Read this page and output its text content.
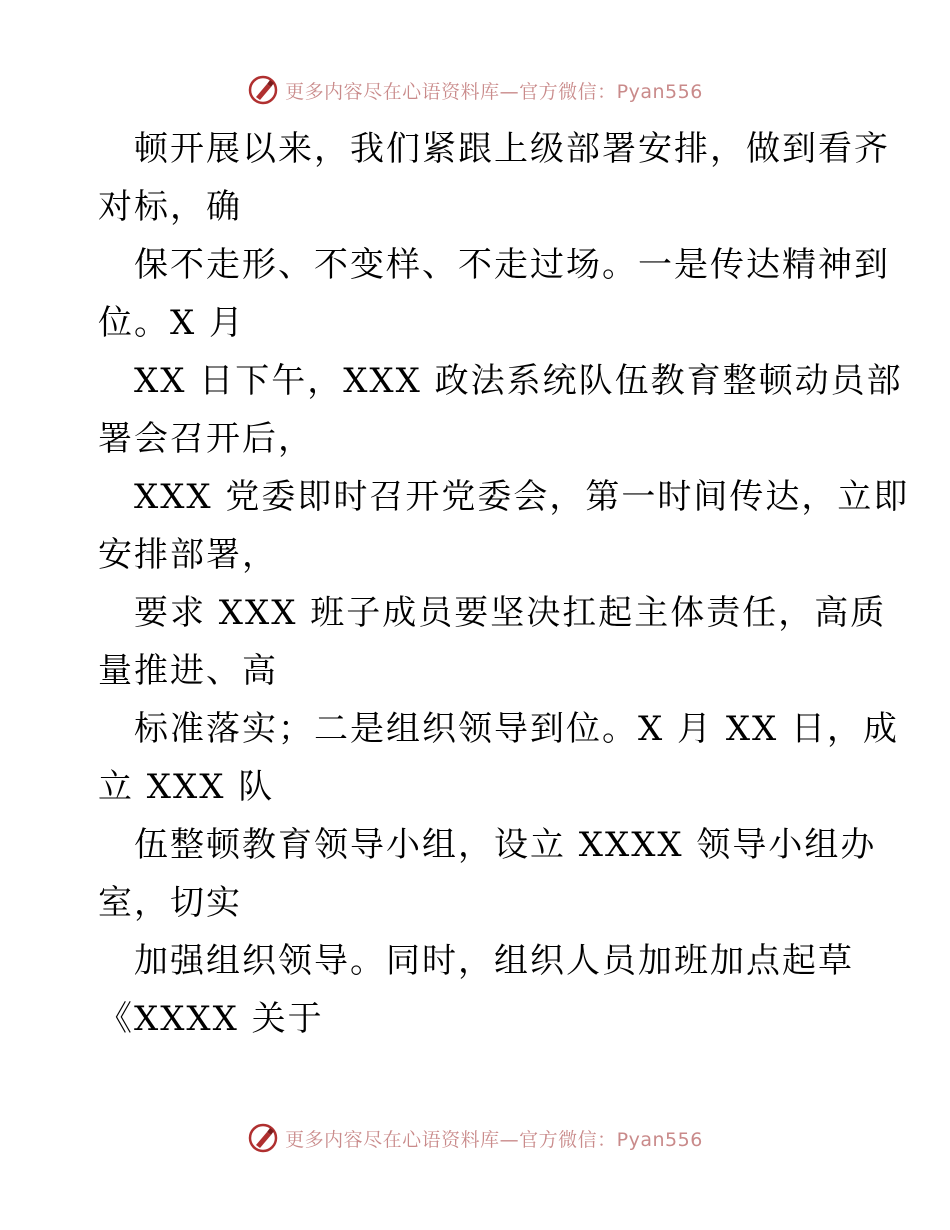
更多内容尽在心语资料库—官方微信：Pyan556

顿开展以来，我们紧跟上级部署安排，做到看齐

对标，确

保不走形、不变样、不走过场。一是传达精神到

位。X 月

XX 日下午，XXX 政法系统队伍教育整顿动员部

署会召开后，

XXX 党委即时召开党委会，第一时间传达，立即

安排部署，

要求 XXX 班子成员要坚决扛起主体责任，高质

量推进、高

标准落实；二是组织领导到位。X 月 XX 日，成

立 XXX 队

伍整顿教育领导小组，设立 XXXX 领导小组办

室，切实

加强组织领导。同时，组织人员加班加点起草

《XXXX 关于

更多内容尽在心语资料库—官方微信：Pyan556
